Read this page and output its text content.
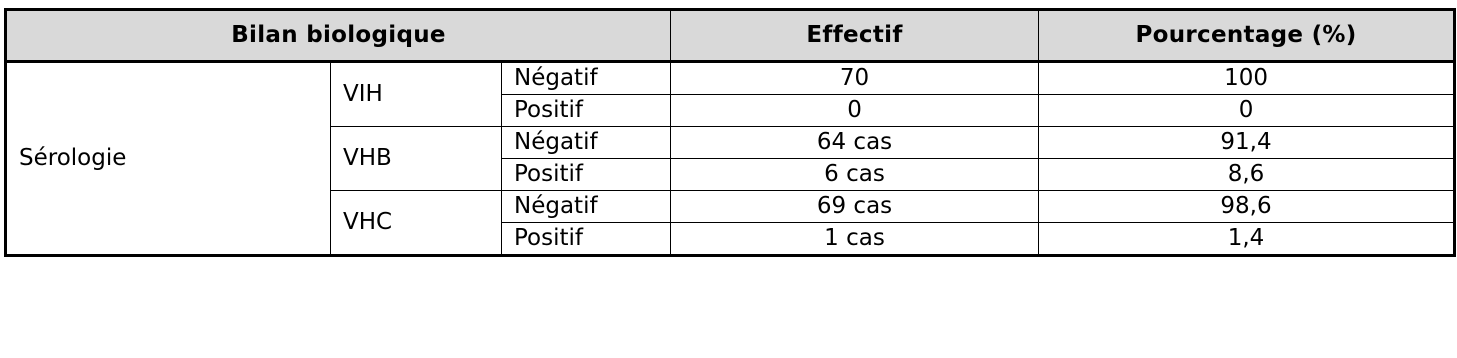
Bilan biologique			Effectif	Pourcentage (%)
Sérologie	VIH	Négatif	70	100
		Positif	0	0
	VHB	Négatif	64 cas	91,4
		Positif	6 cas	8,6
	VHC	Négatif	69 cas	98,6
		Positif	1 cas	1,4
